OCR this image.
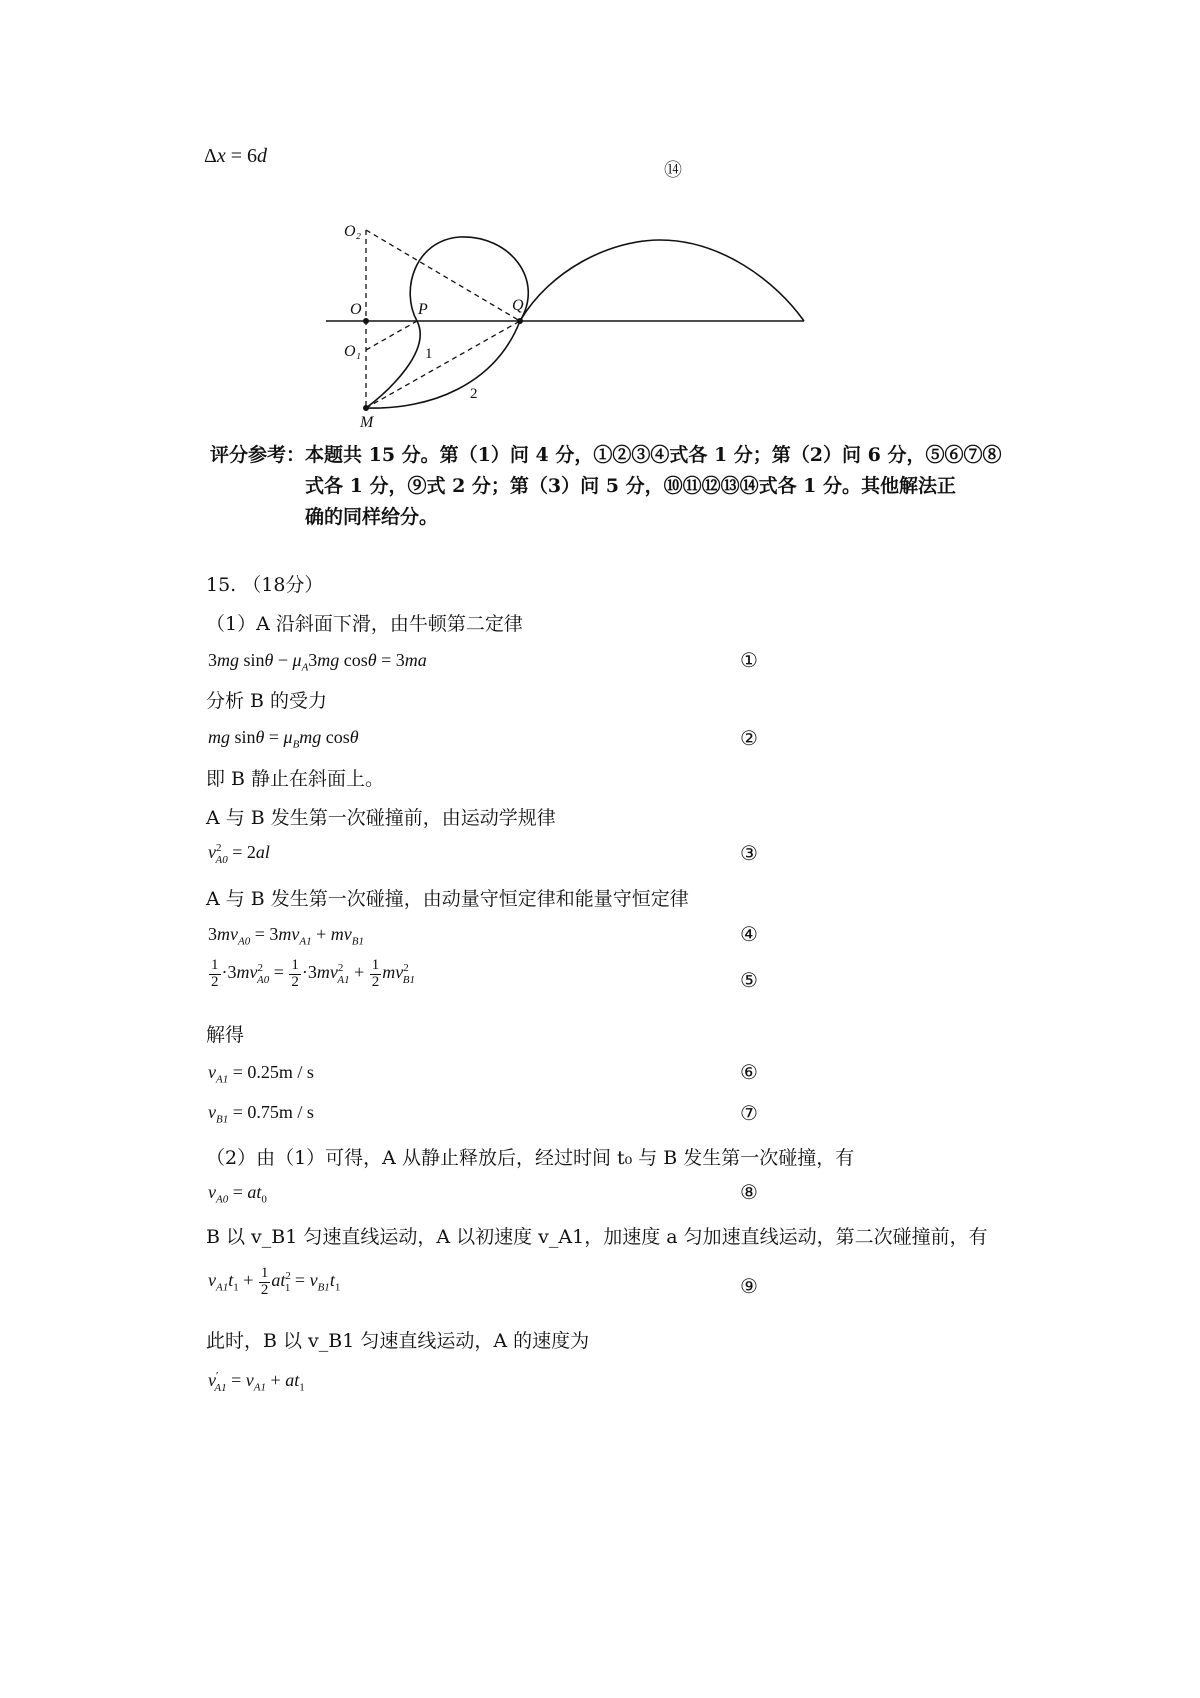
Δx = 6d
⑭
O₂
O
O₁
P	Q
M
1
2
评分参考：本题共 15 分。第（1）问 4 分，①②③④式各 1 分；第（2）问 6 分，⑤⑥⑦⑧
式各 1 分，⑨式 2 分；第（3）问 5 分，⑩⑪⑫⑬⑭式各 1 分。其他解法正
确的同样给分。
15. （18分）
（1）A 沿斜面下滑，由牛顿第二定律
3mg $\sin\theta - \mu_A3mg$ cosθ = 3ma	①
分析 B 的受力
mg $\sin\theta = \mu_Bmg$ cosθ	②
即 B 静止在斜面上。
A 与 B 发生第一次碰撞前，由运动学规律
$v^2_{A0} = 2al$	③
A 与 B 发生第一次碰撞，由动量守恒定律和能量守恒定律
$3mv_{A0} = 3mv_{A1} + mv_{B1}$	④
$\frac{1}{2} \cdot 3mv^2_{A0} = \frac{1}{2} \cdot 3mv^2_{A1} + \frac{1}{2} mv^2_{B1}$	⑤
解得
$v_{A1} = 0.25m / s$	⑥
$v_{B1} = 0.75m / s$	⑦
（2）由（1）可得，A 从静止释放后，经过时间 t₀ 与 B 发生第一次碰撞，有
$v_{A0} = at_0$	⑧
B 以 v_B1 匀速直线运动，A 以初速度 v_A1，加速度 a 匀加速直线运动，第二次碰撞前，有
$v_{A1}t_1 + \frac{1}{2} at^2_1 = v_{B1}t_1$	⑨
此时，B 以 v_B1 匀速直线运动，A 的速度为
$v'_{A1} = v_{A1} + at_1$
